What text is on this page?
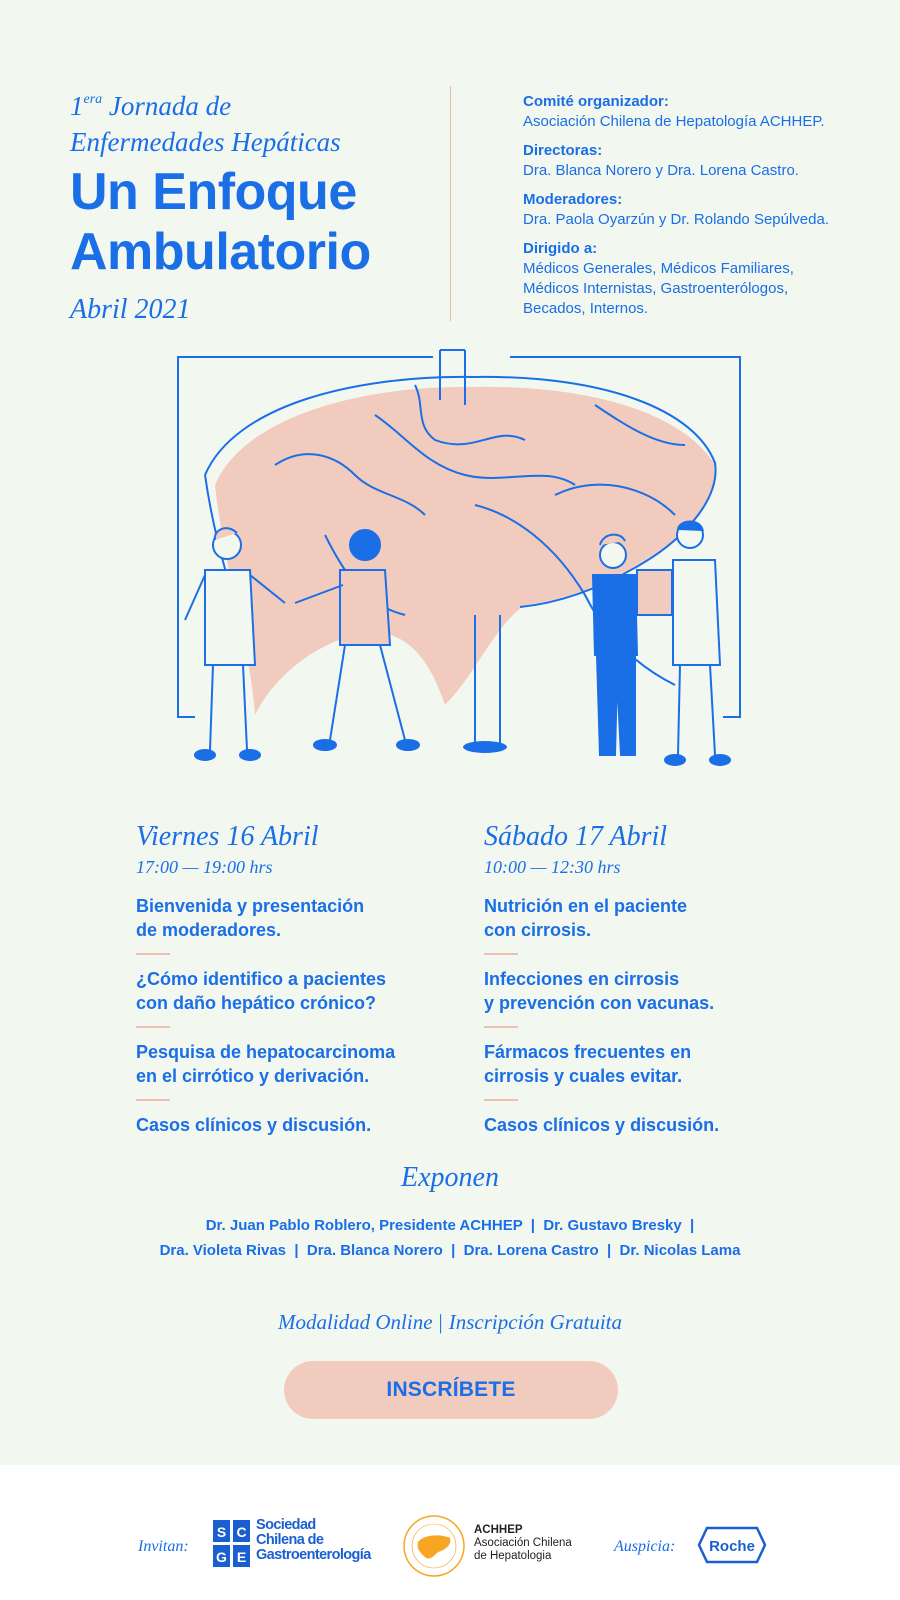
$1^{era}$ Jornada de
Enfermedades Hepáticas
Un Enfoque
Ambulatorio
Abril 2021
Comité organizador:
Asociación Chilena de Hepatología ACHHEP.
Directoras:
Dra. Blanca Norero y Dra. Lorena Castro.
Moderadores:
Dra. Paola Oyarzún y Dr. Rolando Sepúlveda.
Dirigido a:
Médicos Generales, Médicos Familiares,
Médicos Internistas, Gastroenterólogos,
Becados, Internos.
Viernes 16 Abril
17:00 — 19:00 hrs
Bienvenida y presentación
de moderadores.
¿Cómo identifico a pacientes
con daño hepático crónico?
Pesquisa de hepatocarcinoma
en el cirrótico y derivación.
Casos clínicos y discusión.
Sábado 17 Abril
10:00 — 12:30 hrs
Nutrición en el paciente
con cirrosis.
Infecciones en cirrosis
y prevención con vacunas.
Fármacos frecuentes en
cirrosis y cuales evitar.
Casos clínicos y discusión.
Exponen
Dr. Juan Pablo Roblero, Presidente ACHHEP  |  Dr. Gustavo Bresky  |
Dra. Violeta Rivas  |  Dra. Blanca Norero  |  Dra. Lorena Castro  |  Dr. Nicolas Lama
Modalidad Online | Inscripción Gratuita
INSCRÍBETE
Invitan:
S C
G E
Sociedad
Chilena de
Gastroenterología
ACHHEP
Asociación Chilena
de Hepatologia
Auspicia: Roche
